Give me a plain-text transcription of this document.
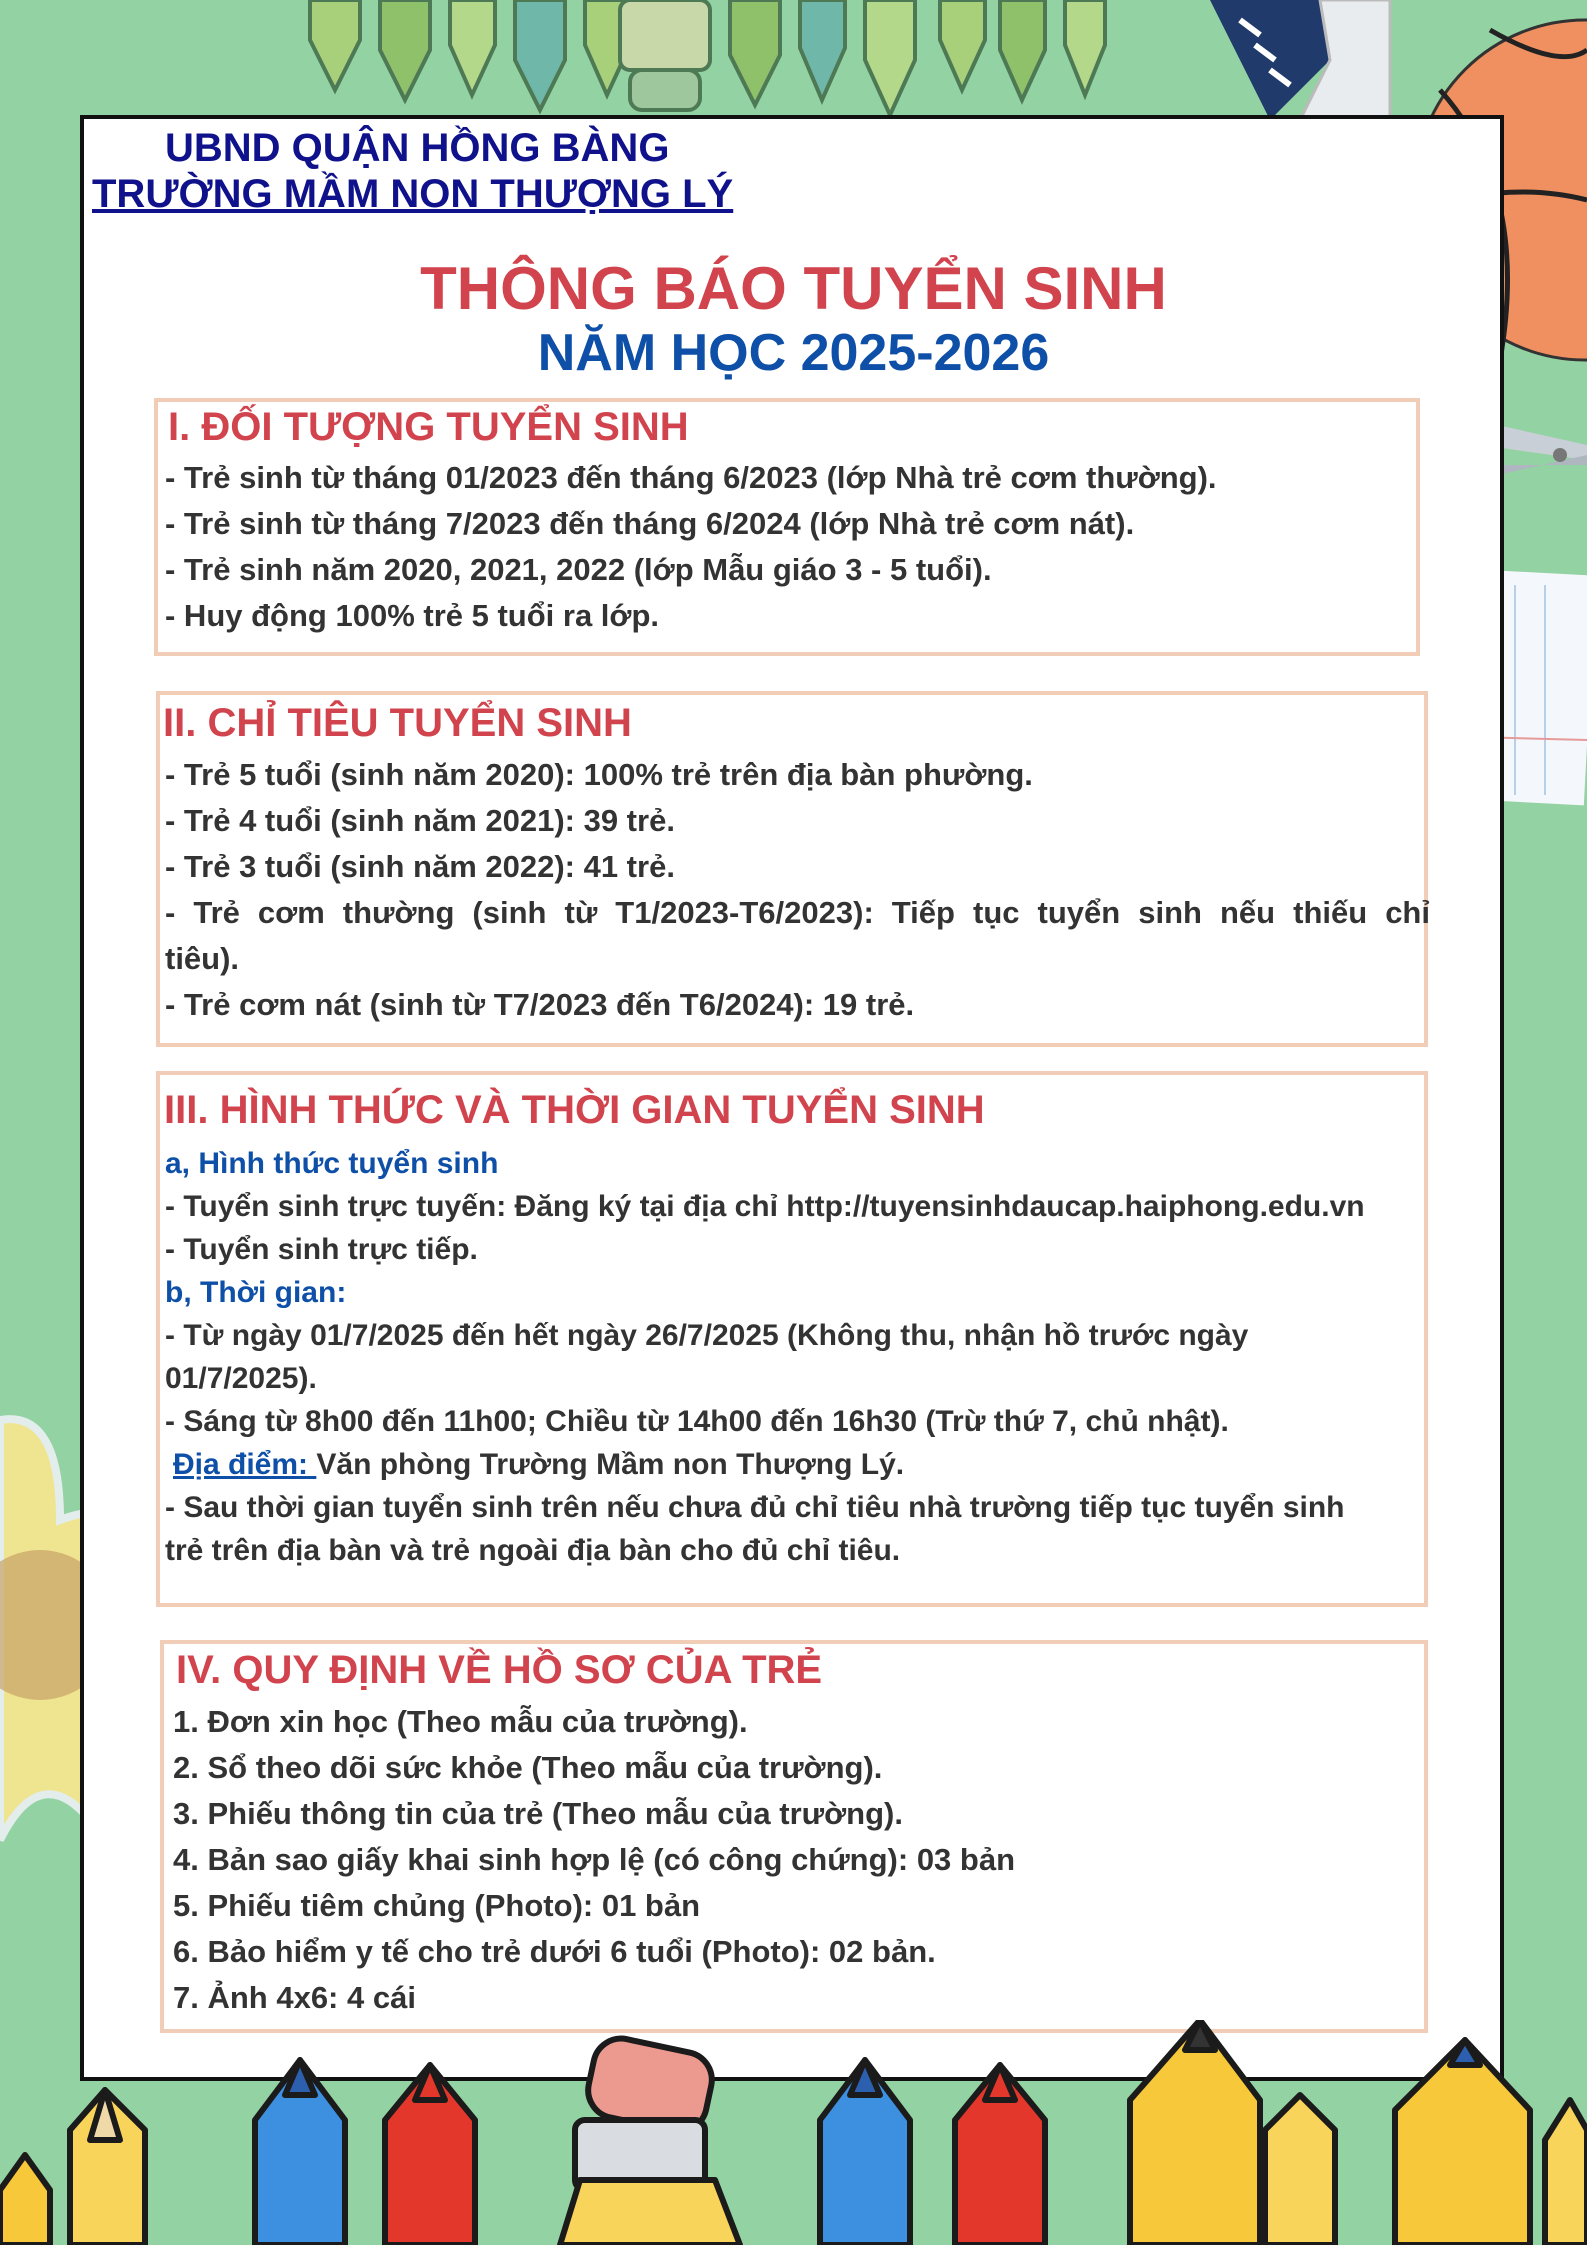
UBND QUẬN HỒNG BÀNG
TRƯỜNG MẦM NON THƯỢNG LÝ
THÔNG BÁO TUYỂN SINH
NĂM HỌC 2025-2026
I. ĐỐI TƯỢNG TUYỂN SINH
- Trẻ sinh từ tháng 01/2023 đến tháng 6/2023 (lớp Nhà trẻ cơm thường).
- Trẻ sinh từ tháng 7/2023 đến tháng 6/2024 (lớp Nhà trẻ cơm nát).
- Trẻ sinh năm 2020, 2021, 2022 (lớp Mẫu giáo 3 - 5 tuổi).
- Huy động 100% trẻ 5 tuổi ra lớp.
II. CHỈ TIÊU TUYỂN SINH
- Trẻ 5 tuổi (sinh năm 2020): 100% trẻ trên địa bàn phường.
- Trẻ 4 tuổi (sinh năm 2021): 39 trẻ.
- Trẻ 3 tuổi (sinh năm 2022): 41 trẻ.
- Trẻ cơm thường (sinh từ T1/2023-T6/2023): Tiếp tục tuyển sinh nếu thiếu chỉ
tiêu).
- Trẻ cơm nát (sinh từ T7/2023 đến T6/2024): 19 trẻ.
III. HÌNH THỨC VÀ THỜI GIAN TUYỂN SINH
a, Hình thức tuyển sinh
- Tuyển sinh trực tuyến: Đăng ký tại địa chỉ http://tuyensinhdaucap.haiphong.edu.vn
- Tuyển sinh trực tiếp.
b, Thời gian:
- Từ ngày 01/7/2025 đến hết ngày 26/7/2025 (Không thu, nhận hồ trước ngày
01/7/2025).
- Sáng từ 8h00 đến 11h00; Chiều từ 14h00 đến 16h30 (Trừ thứ 7, chủ nhật).
Địa điểm: Văn phòng Trường Mầm non Thượng Lý.
- Sau thời gian tuyển sinh trên nếu chưa đủ chỉ tiêu nhà trường tiếp tục tuyển sinh
trẻ trên địa bàn và trẻ ngoài địa bàn cho đủ chỉ tiêu.
IV. QUY ĐỊNH VỀ HỒ SƠ CỦA TRẺ
1. Đơn xin học (Theo mẫu của trường).
2. Sổ theo dõi sức khỏe (Theo mẫu của trường).
3. Phiếu thông tin của trẻ (Theo mẫu của trường).
4. Bản sao giấy khai sinh hợp lệ (có công chứng): 03 bản
5. Phiếu tiêm chủng (Photo): 01 bản
6. Bảo hiểm y tế cho trẻ dưới 6 tuổi (Photo): 02 bản.
7. Ảnh 4x6: 4 cái
